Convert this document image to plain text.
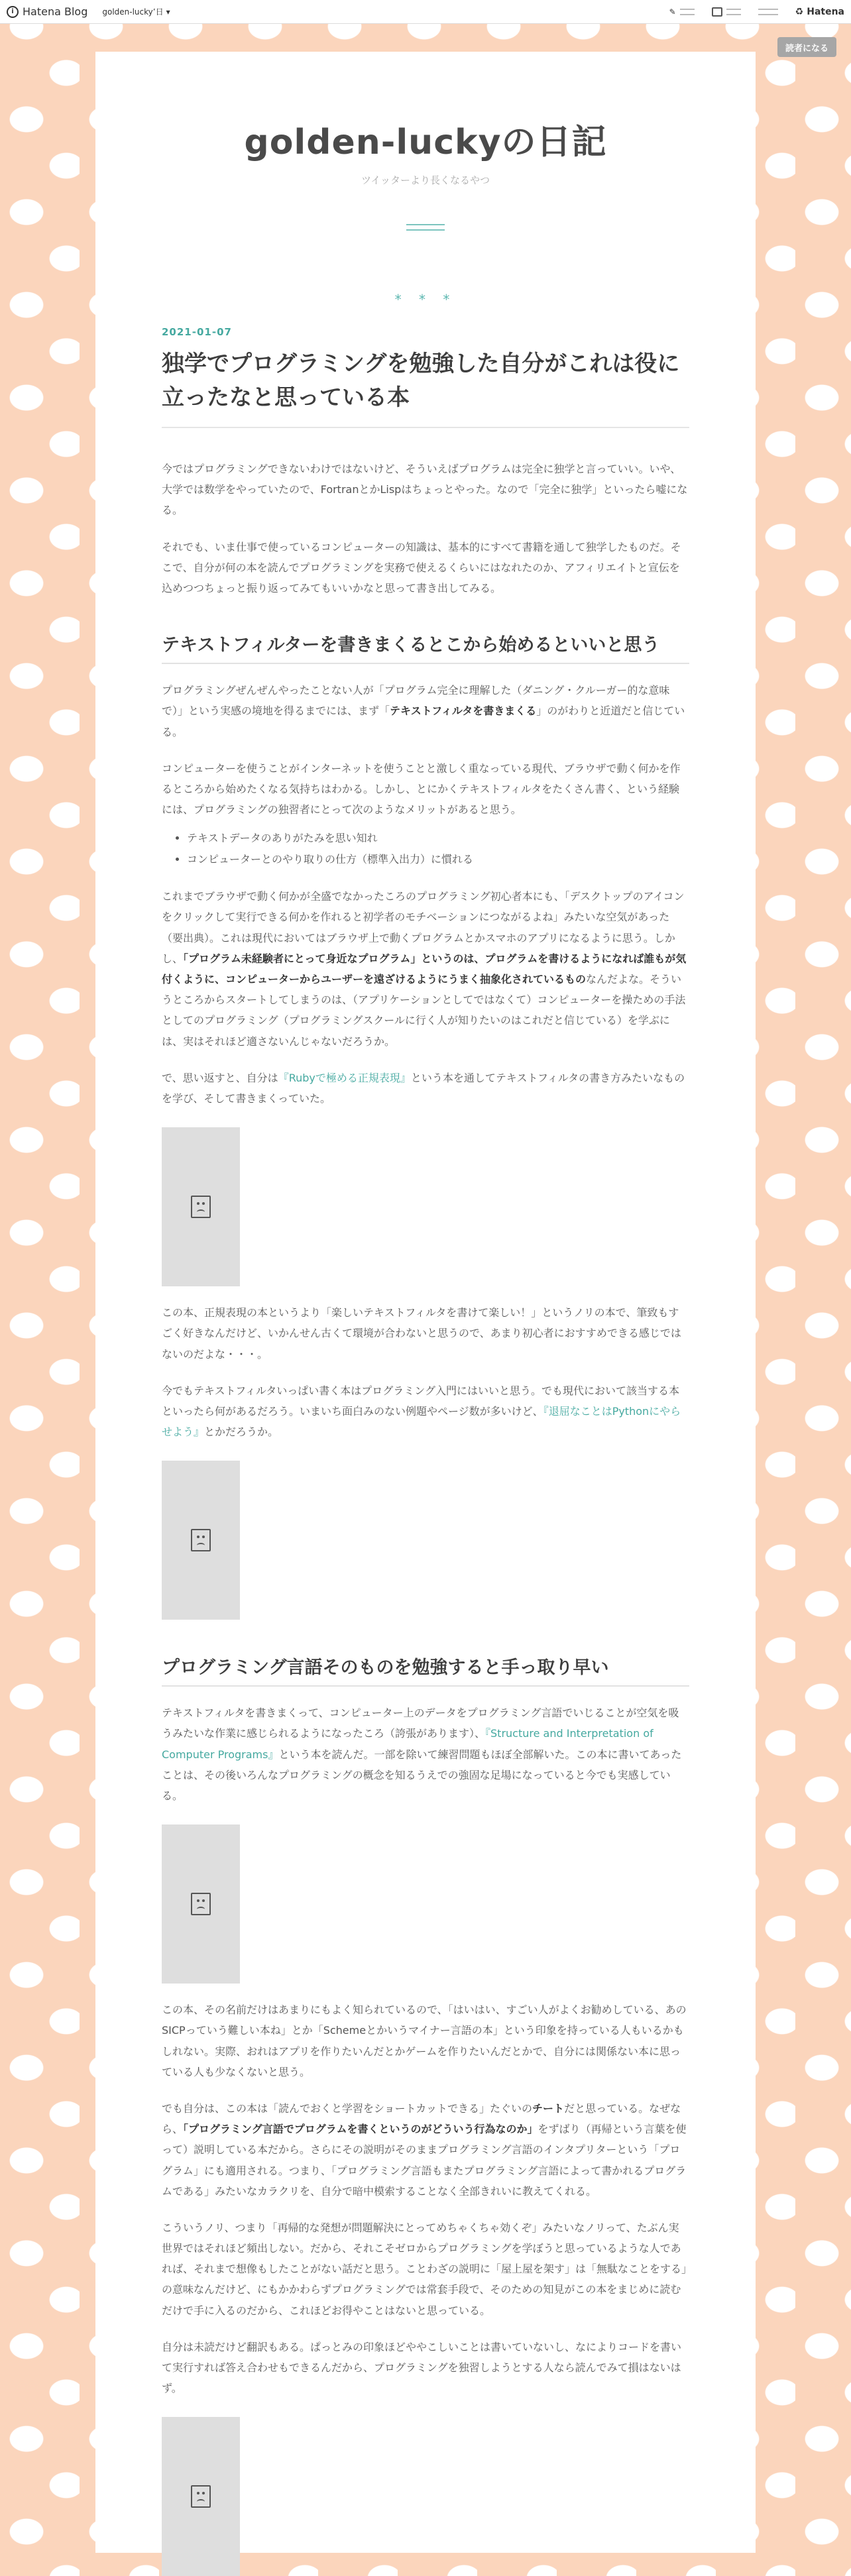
i Hatena Blog golden-lucky’日 ▾	✎	♻ Hatena
読者になる
golden-luckyの日記
ツイッターより長くなるやつ
* * *
2021-01-07
独学でプログラミングを勉強した自分がこれは役に立ったなと思っている本

今ではプログラミングできないわけではないけど、そういえばプログラムは完全に独学と言っていい。いや、大学では数学をやっていたので、FortranとかLispはちょっとやった。なので「完全に独学」といったら嘘になる。

それでも、いま仕事で使っているコンピューターの知識は、基本的にすべて書籍を通して独学したものだ。そこで、自分が何の本を読んでプログラミングを実務で使えるくらいにはなれたのか、アフィリエイトと宣伝を込めつつちょっと振り返ってみてもいいかなと思って書き出してみる。

テキストフィルターを書きまくるとこから始めるといいと思う

プログラミングぜんぜんやったことない人が「プログラム完全に理解した（ダニング・クルーガー的な意味で）」という実感の境地を得るまでには、まず「テキストフィルタを書きまくる」のがわりと近道だと信じている。

コンピューターを使うことがインターネットを使うことと激しく重なっている現代、ブラウザで動く何かを作るところから始めたくなる気持ちはわかる。しかし、とにかくテキストフィルタをたくさん書く、という経験には、プログラミングの独習者にとって次のようなメリットがあると思う。

• テキストデータのありがたみを思い知れ
• コンピューターとのやり取りの仕方（標準入出力）に慣れる

これまでブラウザで動く何かが全盛でなかったころのプログラミング初心者本にも、「デスクトップのアイコンをクリックして実行できる何かを作れると初学者のモチベーションにつながるよね」みたいな空気があった（要出典）。これは現代においてはブラウザ上で動くプログラムとかスマホのアプリになるように思う。しかし、「プログラム未経験者にとって身近なプログラム」というのは、プログラムを書けるようになれば誰もが気付くように、コンピューターからユーザーを遠ざけるようにうまく抽象化されているものなんだよな。そういうところからスタートしてしまうのは、（アプリケーションとしてではなくて）コンピューターを操ための手法としてのプログラミング（プログラミングスクールに行く人が知りたいのはこれだと信じている）を学ぶには、実はそれほど適さないんじゃないだろうか。

で、思い返すと、自分は『Rubyで極める正規表現』という本を通してテキストフィルタの書き方みたいなものを学び、そして書きまくっていた。

この本、正規表現の本というより「楽しいテキストフィルタを書けて楽しい！」というノリの本で、筆致もすごく好きなんだけど、いかんせん古くて環境が合わないと思うので、あまり初心者におすすめできる感じではないのだよな・・・。

今でもテキストフィルタいっぱい書く本はプログラミング入門にはいいと思う。でも現代において該当する本といったら何があるだろう。いまいち面白みのない例題やページ数が多いけど、『退屈なことはPythonにやらせよう』とかだろうか。

プログラミング言語そのものを勉強すると手っ取り早い

テキストフィルタを書きまくって、コンピューター上のデータをプログラミング言語でいじることが空気を吸うみたいな作業に感じられるようになったころ（誇張があります）、『Structure and Interpretation of Computer Programs』という本を読んだ。一部を除いて練習問題もほぼ全部解いた。この本に書いてあったことは、その後いろんなプログラミングの概念を知るうえでの強固な足場になっていると今でも実感している。

この本、その名前だけはあまりにもよく知られているので、「はいはい、すごい人がよくお勧めしている、あのSICPっていう難しい本ね」とか「Schemeとかいうマイナー言語の本」という印象を持っている人もいるかもしれない。実際、おれはアプリを作りたいんだとかゲームを作りたいんだとかで、自分には関係ない本に思っている人も少なくないと思う。

でも自分は、この本は「読んでおくと学習をショートカットできる」たぐいのチートだと思っている。なぜなら、「プログラミング言語でプログラムを書くというのがどういう行為なのか」をずばり（再帰という言葉を使って）説明している本だから。さらにその説明がそのままプログラミング言語のインタプリターという「プログラム」にも適用される。つまり、「プログラミング言語もまたプログラミング言語によって書かれるプログラムである」みたいなカラクリを、自分で暗中模索することなく全部きれいに教えてくれる。

こういうノリ、つまり「再帰的な発想が問題解決にとってめちゃくちゃ効くぞ」みたいなノリって、たぶん実世界ではそれほど頻出しない。だから、それこそゼロからプログラミングを学ぼうと思っているような人であれば、それまで想像もしたことがない話だと思う。ことわざの説明に「屋上屋を架す」は「無駄なことをする」の意味なんだけど、にもかかわらずプログラミングでは常套手段で、そのための知見がこの本をまじめに読むだけで手に入るのだから、これほどお得やことはないと思っている。

自分は未読だけど翻訳もある。ぱっとみの印象ほどややこしいことは書いていないし、なによりコードを書いて実行すれば答え合わせもできるんだから、プログラミングを独習しようとする人なら読んでみて損はないはず。
